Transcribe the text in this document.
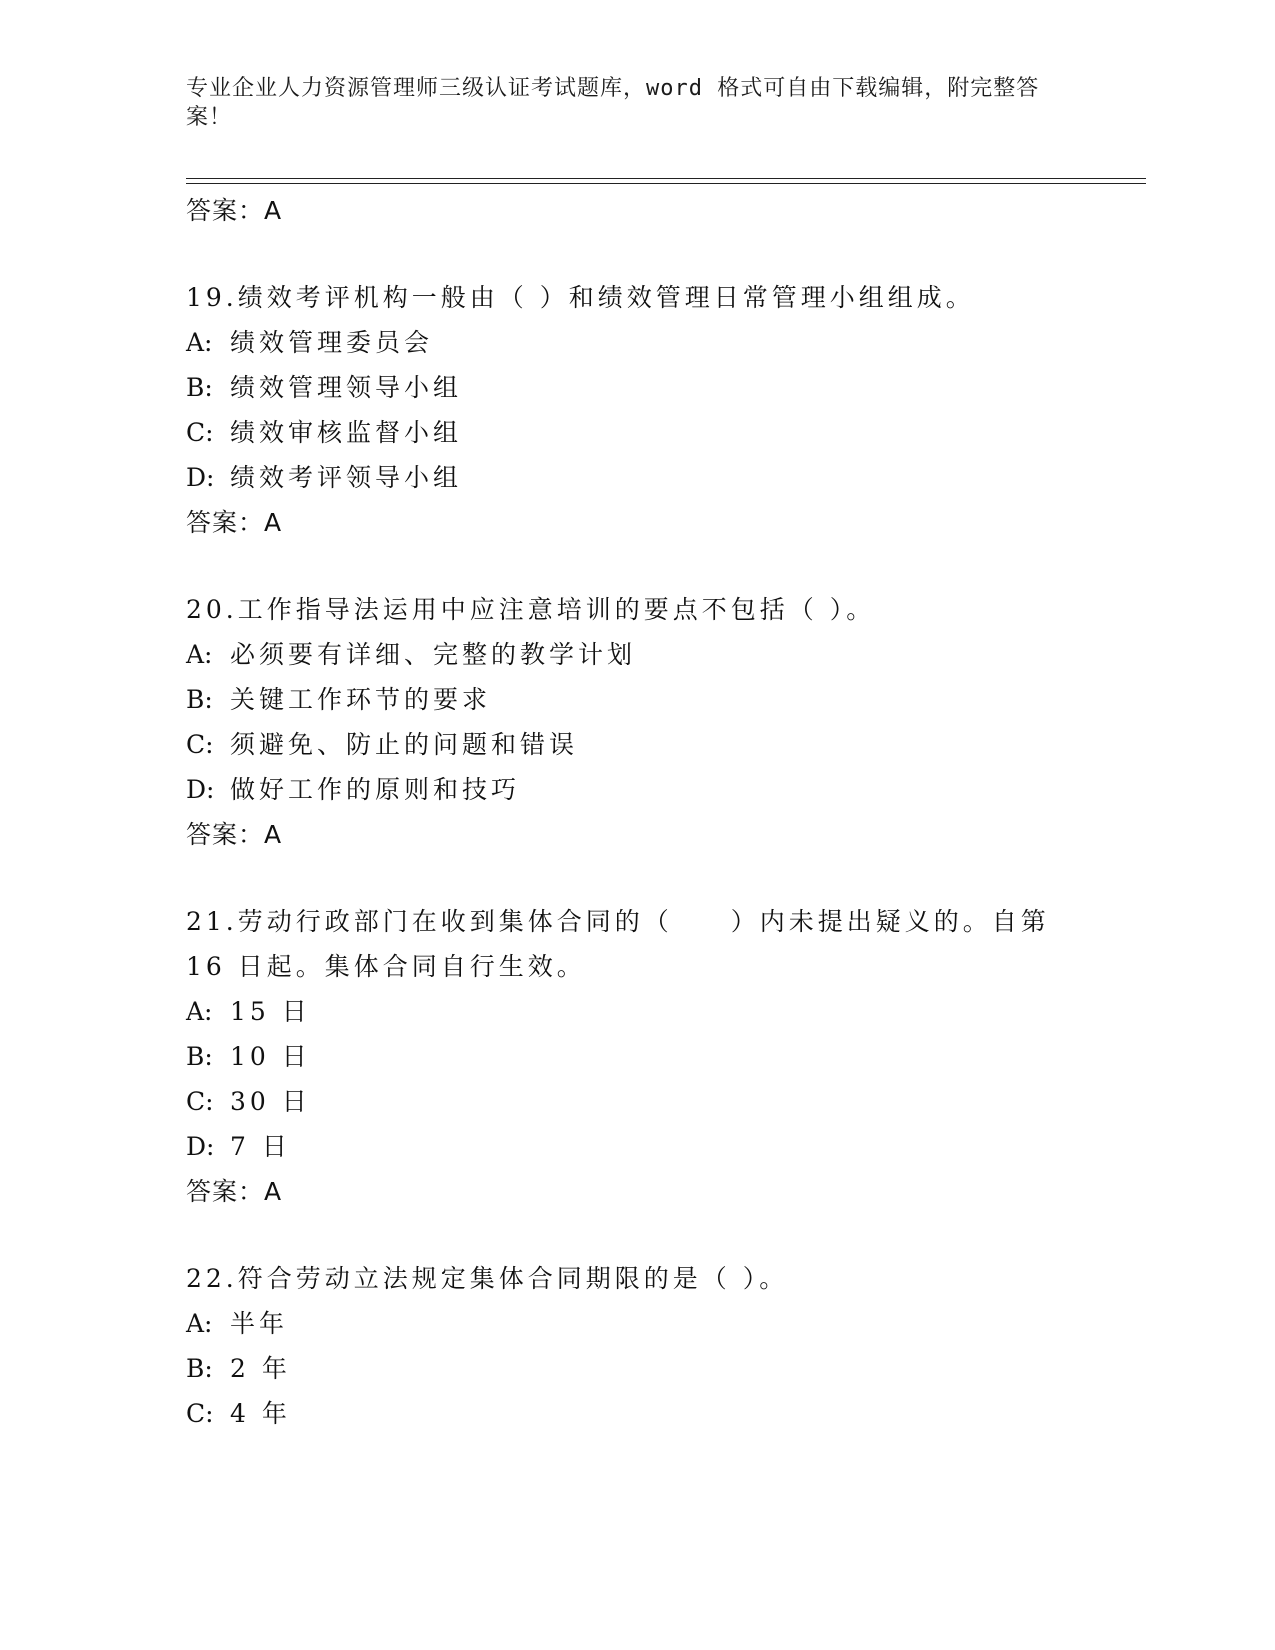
专业企业人力资源管理师三级认证考试题库，word 格式可自由下载编辑，附完整答案！
答案：A
19.绩效考评机构一般由（ ）和绩效管理日常管理小组组成。
A: 绩效管理委员会
B: 绩效管理领导小组
C: 绩效审核监督小组
D: 绩效考评领导小组
答案：A
20.工作指导法运用中应注意培训的要点不包括（ ）。
A: 必须要有详细、完整的教学计划
B: 关键工作环节的要求
C: 须避免、防止的问题和错误
D: 做好工作的原则和技巧
答案：A
21.劳动行政部门在收到集体合同的（　　）内未提出疑义的。自第 16 日起。集体合同自行生效。
A: 15 日
B: 10 日
C: 30 日
D: 7 日
答案：A
22.符合劳动立法规定集体合同期限的是（ ）。
A: 半年
B: 2 年
C: 4 年
